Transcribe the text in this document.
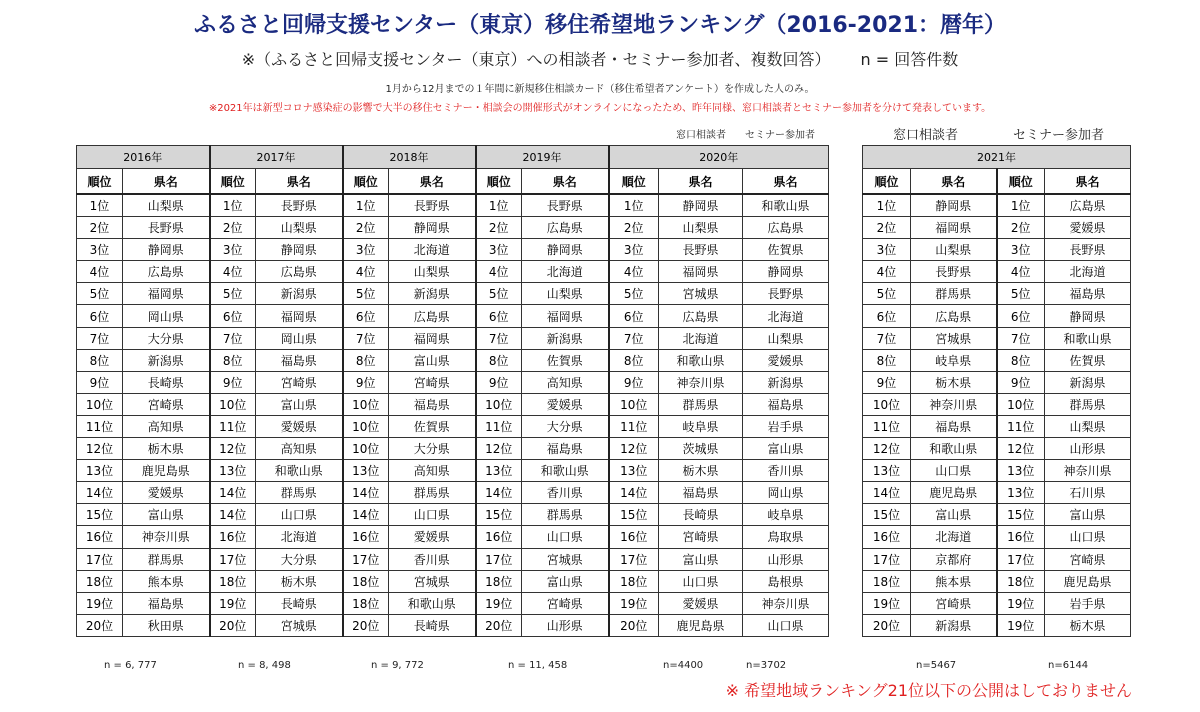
ふるさと回帰支援センター（東京）移住希望地ランキング（2016-2021：暦年）
※（ふるさと回帰支援センター（東京）への相談者・セミナー参加者、複数回答） n = 回答件数
1月から12月までの１年間に新規移住相談カード（移住希望者アンケート）を作成した人のみ。
※2021年は新型コロナ感染症の影響で大半の移住セミナー・相談会の開催形式がオンラインになったため、昨年同様、窓口相談者とセミナー参加者を分けて発表しています。
窓口相談者 セミナー参加者	窓口相談者	セミナー参加者
2016年		2017年		2018年		2019年		2020年		
順位	県名	順位	県名	順位	県名	順位	県名	順位	県名	県名
1位	山梨県	1位	長野県	1位	長野県	1位	長野県	1位	静岡県	和歌山県
2位	長野県	2位	山梨県	2位	静岡県	2位	広島県	2位	山梨県	広島県
3位	静岡県	3位	静岡県	3位	北海道	3位	静岡県	3位	長野県	佐賀県
4位	広島県	4位	広島県	4位	山梨県	4位	北海道	4位	福岡県	静岡県
5位	福岡県	5位	新潟県	5位	新潟県	5位	山梨県	5位	宮城県	長野県
6位	岡山県	6位	福岡県	6位	広島県	6位	福岡県	6位	広島県	北海道
7位	大分県	7位	岡山県	7位	福岡県	7位	新潟県	7位	北海道	山梨県
8位	新潟県	8位	福島県	8位	富山県	8位	佐賀県	8位	和歌山県	愛媛県
9位	長崎県	9位	宮崎県	9位	宮崎県	9位	高知県	9位	神奈川県	新潟県
10位	宮崎県	10位	富山県	10位	福島県	10位	愛媛県	10位	群馬県	福島県
11位	高知県	11位	愛媛県	10位	佐賀県	11位	大分県	11位	岐阜県	岩手県
12位	栃木県	12位	高知県	10位	大分県	12位	福島県	12位	茨城県	富山県
13位	鹿児島県	13位	和歌山県	13位	高知県	13位	和歌山県	13位	栃木県	香川県
14位	愛媛県	14位	群馬県	14位	群馬県	14位	香川県	14位	福島県	岡山県
15位	富山県	14位	山口県	14位	山口県	15位	群馬県	15位	長崎県	岐阜県
16位	神奈川県	16位	北海道	16位	愛媛県	16位	山口県	16位	宮崎県	鳥取県
17位	群馬県	17位	大分県	17位	香川県	17位	宮城県	17位	富山県	山形県
18位	熊本県	18位	栃木県	18位	宮城県	18位	富山県	18位	山口県	島根県
19位	福島県	19位	長崎県	18位	和歌山県	19位	宮崎県	19位	愛媛県	神奈川県
20位	秋田県	20位	宮城県	20位	長崎県	20位	山形県	20位	鹿児島県	山口県
2021年			
順位	県名	順位	県名
1位	静岡県	1位	広島県
2位	福岡県	2位	愛媛県
3位	山梨県	3位	長野県
4位	長野県	4位	北海道
5位	群馬県	5位	福島県
6位	広島県	6位	静岡県
7位	宮城県	7位	和歌山県
8位	岐阜県	8位	佐賀県
9位	栃木県	9位	新潟県
10位	神奈川県	10位	群馬県
11位	福島県	11位	山梨県
12位	和歌山県	12位	山形県
13位	山口県	13位	神奈川県
14位	鹿児島県	13位	石川県
15位	富山県	15位	富山県
16位	北海道	16位	山口県
17位	京都府	17位	宮崎県
18位	熊本県	18位	鹿児島県
19位	宮崎県	19位	岩手県
20位	新潟県	19位	栃木県
n = 6, 777	n = 8, 498	n = 9, 772	n = 11, 458	n=4400	n=3702	n=5467	n=6144
※ 希望地域ランキング21位以下の公開はしておりません
